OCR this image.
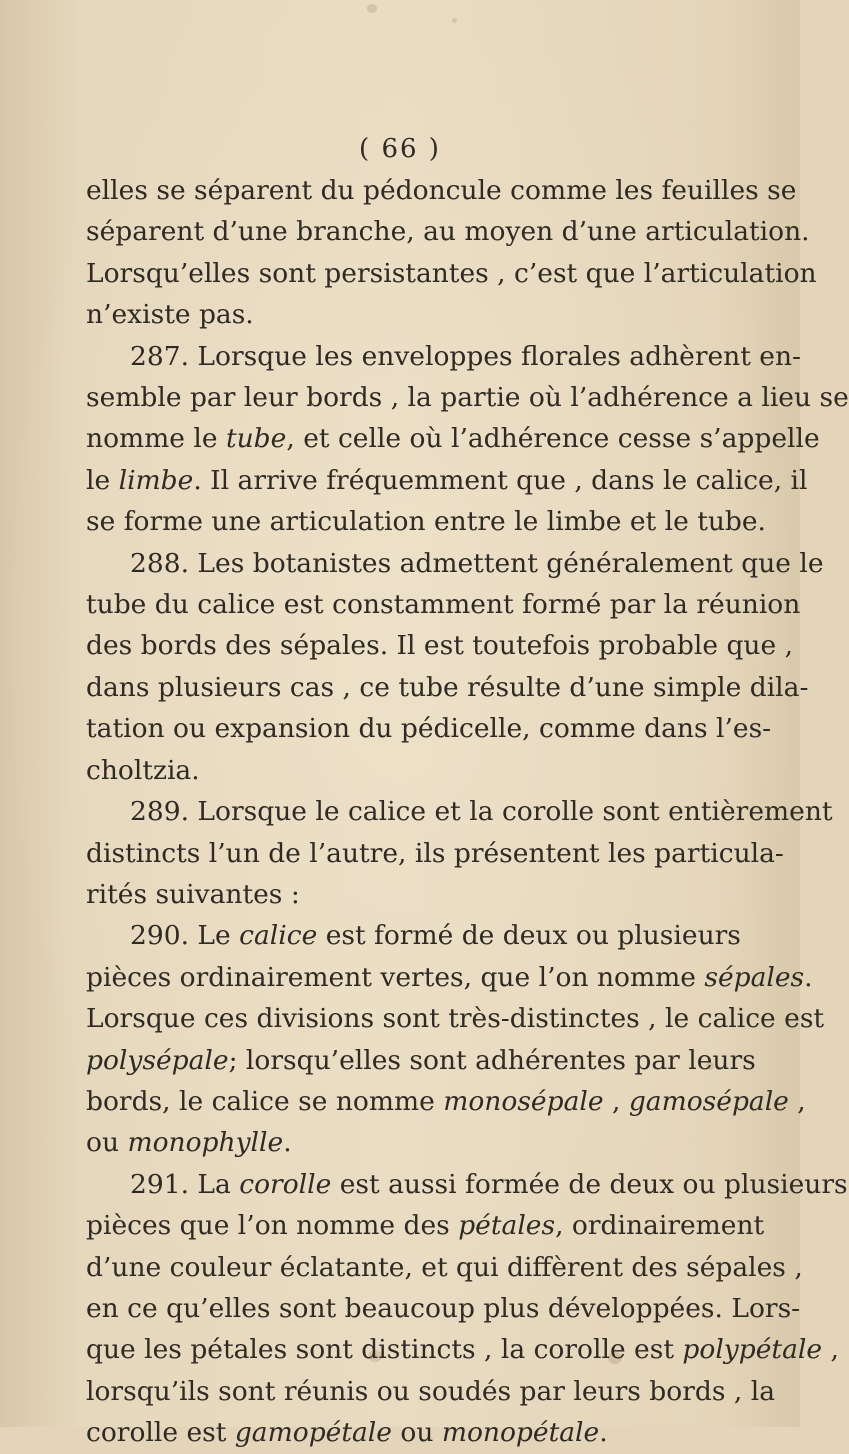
( 66 )
elles se séparent du pédoncule comme les feuilles se
séparent d’une branche, au moyen d’une articulation.
Lorsqu’elles sont persistantes , c’est que l’articulation
n’existe pas.
287. Lorsque les enveloppes florales adhèrent en-
semble par leur bords , la partie où l’adhérence a lieu se
nomme le tube, et celle où l’adhérence cesse s’appelle
le limbe. Il arrive fréquemment que , dans le calice, il
se forme une articulation entre le limbe et le tube.
288. Les botanistes admettent généralement que le
tube du calice est constamment formé par la réunion
des bords des sépales. Il est toutefois probable que ,
dans plusieurs cas , ce tube résulte d’une simple dila-
tation ou expansion du pédicelle, comme dans l’es-
choltzia.
289. Lorsque le calice et la corolle sont entièrement
distincts l’un de l’autre, ils présentent les particula-
rités suivantes :
290. Le calice est formé de deux ou plusieurs
pièces ordinairement vertes, que l’on nomme sépales.
Lorsque ces divisions sont très-distinctes , le calice est
polysépale; lorsqu’elles sont adhérentes par leurs
bords, le calice se nomme monosépale , gamosépale ,
ou monophylle.
291. La corolle est aussi formée de deux ou plusieurs
pièces que l’on nomme des pétales, ordinairement
d’une couleur éclatante, et qui diffèrent des sépales ,
en ce qu’elles sont beaucoup plus développées. Lors-
que les pétales sont distincts , la corolle est polypétale ,
lorsqu’ils sont réunis ou soudés par leurs bords , la
corolle est gamopétale ou monopétale.
